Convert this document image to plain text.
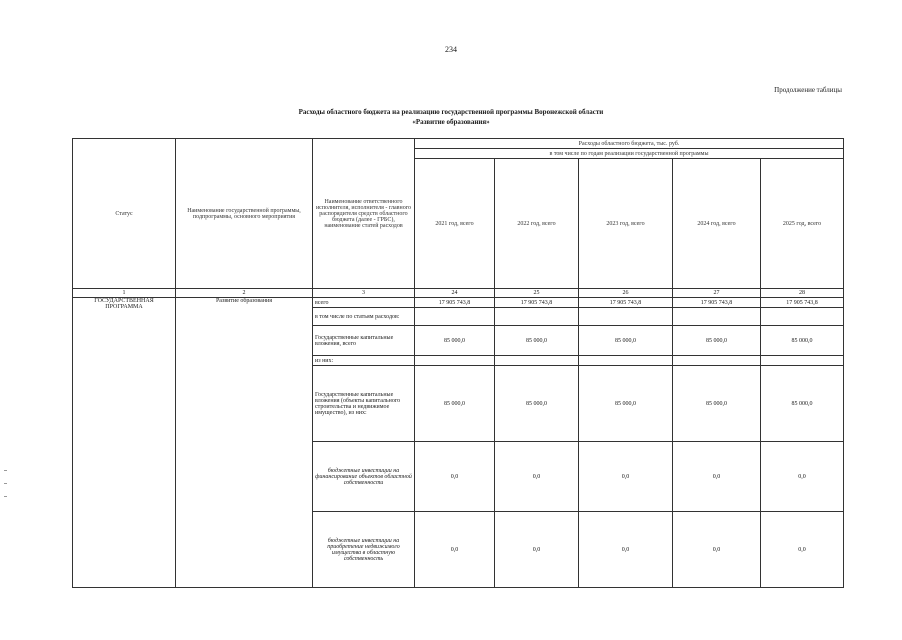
234
Продолжение таблицы
Расходы областного бюджета на реализацию государственной программы Воронежской области
«Развитие образования»
Статус	Наименование государственной программы, подпрограммы, основного мероприятия	Наименование ответственного исполнителя, исполнителя - главного распорядителя средств областного бюджета (далее - ГРБС), наименование статей расходов	Расходы областного бюджета, тыс. руб.				
			в том числе по годам реализации государственной программы				
			2021 год, всего	2022 год, всего	2023 год, всего	2024 год, всего	2025 год, всего
1	2	3	24	25	26	27	28
ГОСУДАРСТВЕННАЯ ПРОГРАММА	Развитие образования	всего	17 905 743,8	17 905 743,8	17 905 743,8	17 905 743,8	17 905 743,8
		в том числе по статьям расходов:					
		Государственные капитальные вложения, всего	85 000,0	85 000,0	85 000,0	85 000,0	85 000,0
		из них:					
		Государственные капитальные вложения (объекты капитального строительства и недвижимое имущество), из них:	85 000,0	85 000,0	85 000,0	85 000,0	85 000,0
		бюджетные инвестиции на финансирование объектов областной собственности	0,0	0,0	0,0	0,0	0,0
		бюджетные инвестиции на приобретение недвижимого имущества в областную собственность	0,0	0,0	0,0	0,0	0,0
